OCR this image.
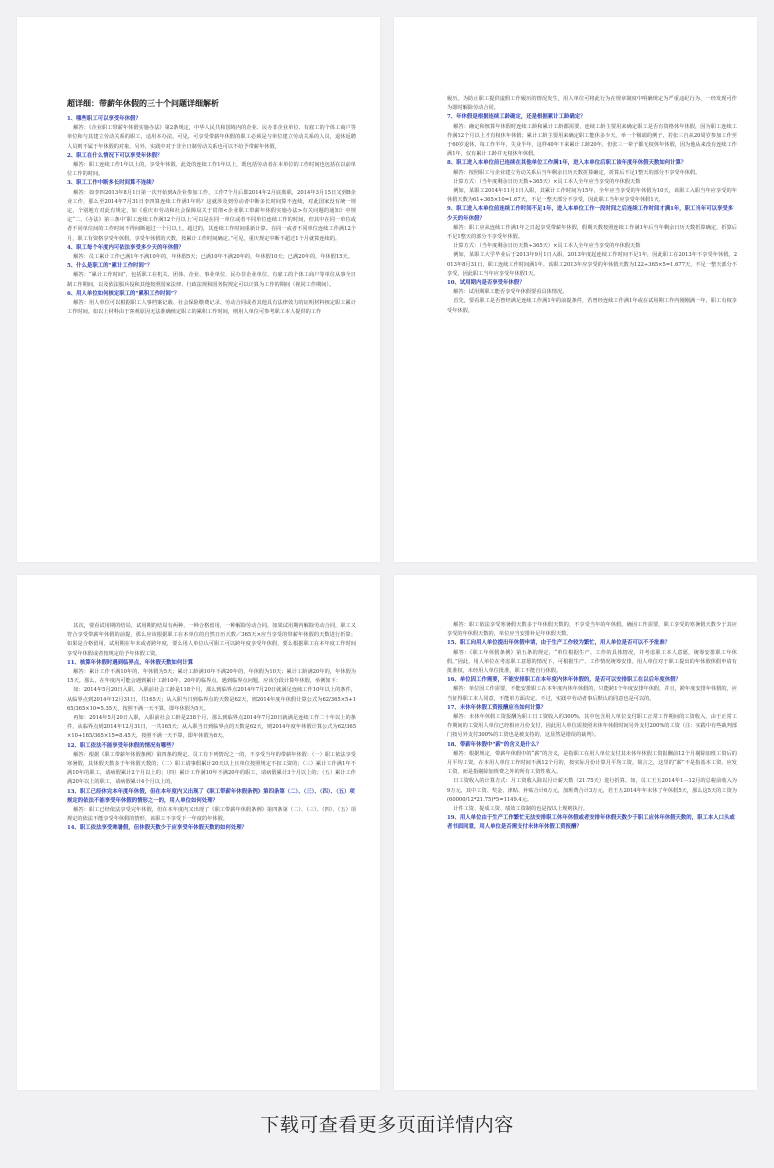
超详细：带薪年休假的三十个问题详细解析

1、哪些职工可以享受年休假？

解答：《企业职工带薪年休假实施办法》第2条规定，中华人民共和国境内的企业、民办非企业单位、有雇工的个体工商户等单位和与其建立劳动关系的职工，适用本办法。可见，可享受带薪年休假的职工必须是与单位建立劳动关系的人员，退休返聘人员则不属于年休假的对象。另外，实践中对于非全日制劳动关系也可以不给予带薪年休假。

2、职工在什么情况下可以享受年休假？

解答：职工连续工作1年以上的，享受年休假。此处的连续工作1年以上，既包括劳动者在本单位的工作时间也包括在以前单位工作的时间。

3、职工工作中断多长时间算不连续？

解答：如李四2013年8月1日第一次开始到A企业参加工作，工作7个月后即2014年2月底离职，2014年3月15日又到B企业工作，那么至2014年7月31日李四算连续工作满1年吗？这就涉及到劳动者中断多长时间算不连续，对此国家没有统一规定，个别地方对此有规定，如《重庆市劳动和社会保障局关于贯彻<企业职工带薪年休假实施办法>有关问题的通知》中规定“二、《办法》第三条中‘职工连续工作满12个月以上’可以是在同一单位或者不同单位连续工作的时间，但其中在同一单位或者不同单位间的工作时间不得间断超过一个月以上。超过的，其连续工作时间重新计算。在同一或者不同单位连续工作满12个月，职工有资格享受年休假。享受年休假的天数，按累计工作时间确定。”可见，重庆规定中断不超过1个月就算连续的。

4、职工每个年度内可依法享受多少天的年休假？

解答：员工累计工作已满1年不满10年的，年休假5天；已满10年不满20年的，年休假10天；已满20年的，年休假15天。

5、什么是职工的“累计工作时间”？

解答：“累计工作时间”，包括职工在机关、团体、企业、事业单位、民办非企业单位、有雇工的个体工商户等单位从事全日制工作期间，以及依法服兵役和其他按照国家法律、行政法规和国务院规定可以计算为工作的期间（视同工作期间）。

6、用人单位如何核定职工的“累积工作时间”？

解答：用人单位可以根据职工人事档案记载、社会保险缴费记录、劳动合同或者其他具有法律效力的证明材料核定职工累计工作时间。如以上材料由于客观原因无法准确核定职工的累积工作时间，则用人单位可参考职工本人提供的工作

履历。为防止职工提供虚假工作履历的情况发生，用人单位可将此行为在规章制度中明确规定为严重违纪行为，一经发现可作为即时解除劳动合同。

7、年休假是根据连续工龄确定，还是根据累计工龄确定？

解答：确定和核算年休假时连续工龄和累计工龄都需要，连续工龄主要用来确定职工是否有资格休年休假，因为职工连续工作满12个月以上才有权休年休假；累计工龄主要用来确定职工能休多少天。举一个极端的例子，若张三自从20周岁参加工作至于60岁退休，每工作半年，失业半年，这样40年下来累计工龄20年，但张三一辈子都无权休年休假，因为他从来没有连续工作满1年，仅有累计工龄并无权休年休假。

8、职工进入本单位前已连续在其他单位工作满1年，进入本单位后职工该年度年休假天数如何计算？

解答：按照职工与企业建立劳动关系后当年剩余日历天数折算确定，折算后不足1整天的部分不享受年休假。

计算方式：（当年度剩余日历天数÷365天）×员工本人全年应当享受的年休假天数

例如，某职工2014年11月1日入职，其累计工作时间为15年，全年应当享受的年休假为10天，该职工入职当年应享受的年休假天数为61÷365×10=1.67天，不足一整天部分不享受，因此职工当年应享受年休假1天。

9、职工进入本单位前连续工作时间不足1年，进入本单位工作一段时间之后连续工作时间才满1年，职工当年可以享受多少天的年休假？

解答：职工应从连续工作满1年之日起享受带薪年休假，假期天数按照连续工作满1年后当年剩余日历天数折算确定，折算后不足1整天的部分不享受年休假。

计算方式：（当年度剩余日历天数÷365天）×员工本人全年应当享受的年休假天数

例如，某职工大学毕业后于2013年9月1日入职，2013年度起连续工作时间不足1年，因此职工在2013年不享受年休假。2013年8月31日，职工连续工作时间满1年。该职工2013年应享受的年休假天数为122÷365×5=1.677天，不足一整天部分不享受，因此职工当年应享受年休假1天。

10、试用期内是否享受年休假？

解答：试用期职工能否享受年休假要看具体情况。

首先，要看职工是否曾经满足连续工作满1年的前提条件，若曾经连续工作满1年或在试用期工作内刚刚满一年，职工有权享受年休假。

其次，要看试用期的结局，试用期的结局有两种，一种合格留用，一种解除劳动合同。如果试用期内解除劳动合同，职工又符合享受带薪年休假的前提，那么应该根据职工在本单位的自然日历天数／365天×应当享受的带薪年休假的天数进行折算；如果是合格留用，试用期在年末或者跨年度，要么用人单位认可职工可以跨年度享受年休假，要么根据职工在本年度工作时间享受年休假或者按规定给予年休假工资。

11、核算年休假时遇到临界点，年休假天数如何计算

解答：累计工作不满10年的，年休假为5天；累计工龄满10年不满20年的，年休假为10天；累计工龄满20年的，年休假为15天。那么，在年度内可能会遇到累计工龄10年、20年的临界点。遇到临界点问题，应该分段计算年休假，举例如下：

如：2014年5月20日入职，入职前社会工龄是118个月，那么到临界点2014年7月20日就满足连续工作10年以上的条件，从临界点到2014年12月31日，共165天；从入职当日到临界点的天数是62天，则2014年度年休假计算公式为62/365×5+165/365×10=5.35天，按照不满一天不算，即年休假为5天。

再如：2014年5月20日入职，入职前社会工龄是238个月，那么到临界点2014年7月20日就满足连续工作二十年以上的条件，从临界点到2014年12月31日，一共165天；从入职当日到临界点的天数是62天，则2014年度年休假计算公式为62/365×10+165/365×15=8.45天，按照不满一天不算，即年休假为8天。

12、职工依法不能享受年休假的情况有哪些？

解答：根据《职工带薪年休假条例》第四条的规定，员工有下列情况之一的，不享受当年的带薪年休假：（一）职工依法享受寒暑假，其休假天数多于年休假天数的；（二）职工请事假累计20天以上且单位按照规定不扣工资的；（三）累计工作满1年不满10年的职工，请病假累计2个月以上的；（四）累计工作满10年不满20年的职工，请病假累计3个月以上的；（五）累计工作满20年以上的职工，请病假累计4个月以上的。

13、职工已经休完本年度年休假，但在本年度内又出现了《职工带薪年休假条例》第四条第（二）、（三）、（四）、（五）项规定的依法不能享受年休假的情形之一的，用人单位如何处理？

解答：职工已经依法享受完年休假，但在本年度内又出现了《职工带薪年休假条例》第四条第（二）、（三）、（四）、（五）项规定的依法不能享受年休假的情形，该职工不享受下一年度的年休假。

14、职工依法享受寒暑假，但休假天数少于应享受年休假天数的如何处理？

解答：职工依法享受寒暑假天数多于年休假天数的，不享受当年的年休假。确因工作需要，职工享受的寒暑假天数少于其应享受的年休假天数的，单位应当安排补足年休假天数。

15、职工向用人单位提出年休假申请，由于生产工作较为繁忙，用人单位是否可以不予批准？

解答：《职工年休假条例》第五条的规定，“单位根据生产、工作的具体情况，并考虑职工本人意愿，统筹安排职工年休假。”因此，用人单位在考虑职工意愿的情况下，可根据生产、工作情况统筹安排。用人单位对于职工提出的年休假休假申请有批准权，未经用人单位批准，职工不能自行休假。

16、单位因工作需要，不能安排职工在本年度内休年休假的，是否可以安排职工在以后年度休假？

解答：单位因工作需要，不能安排职工在本年度内休年休假的，只能跨1个年度安排年休假，并且，跨年度安排年休假的，应当征得职工本人同意，不能单方面决定。不过，实践中劳动者事后默认的同意也是可以的。

17、未休年休假工资报酬应当如何计算？

解答：未休年休假工资报酬为职工日工资收入的300%，其中包含用人单位支付职工正常工作期间的工资收入，由于正常工作期间的工资用人单位已经相应月份支付，因此用人单位需按照未休年休假时间另外支付200%的工资（注：实践中有些裁判部门按另外支付300%的工资也是被支持的，这显然是错误的裁判）。

18、带薪年休假中“薪”的含义是什么？

解答：根据规定，带薪年休假中的“薪”的含义，是指职工在用人单位支付其未休年休假工资报酬前12个月剔除加班工资后的月平均工资。在本用人单位工作时间不满12个月的，按实际月份计算月平均工资。简言之，这里的“薪”不是指基本工资、应发工资，而是指剔除加班费之外的所有工资性收入。

日工资收入的计算方式：月工资收入除以月计薪天数（21.75天）进行折算。如，员工王五2014年1－12月的总税前收入为9万元，其中工资、奖金、津贴、补贴合计6万元，加班费合计3万元，若王五2014年年末休了年休假5天，那么这5天的工资为(60000/12*21.75)*5=1149.4元。

计件工资、提成工资、绩效工资制的也是按以上规则执行。

19、用人单位由于生产工作繁忙无法安排职工休年休假或者安排年休假天数少于职工应休年休假天数的，职工本人口头或者书面同意，用人单位是否需支付未休年休假工资报酬？

下载可查看更多页面详情内容
